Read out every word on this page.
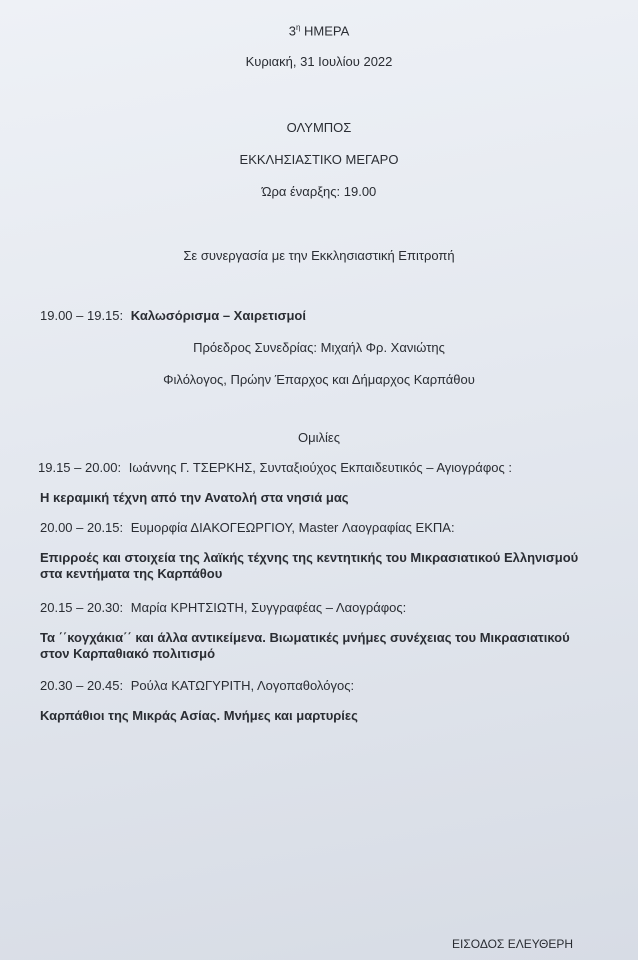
$3^\eta$ ΗΜΕΡΑ
Κυριακή, 31 Ιουλίου 2022
ΟΛΥΜΠΟΣ
ΕΚΚΛΗΣΙΑΣΤΙΚΟ ΜΕΓΑΡΟ
Ώρα έναρξης: 19.00
Σε συνεργασία με την Εκκλησιαστική Επιτροπή
19.00 – 19.15: Καλωσόρισμα – Χαιρετισμοί
Πρόεδρος Συνεδρίας: Μιχαήλ Φρ. Χανιώτης
Φιλόλογος, Πρώην Έπαρχος και Δήμαρχος Καρπάθου
Ομιλίες
19.15 – 20.00: Ιωάννης Γ. ΤΣΕΡΚΗΣ, Συνταξιούχος Εκπαιδευτικός – Αγιογράφος :
Η κεραμική τέχνη από την Ανατολή στα νησιά μας
20.00 – 20.15: Ευμορφία ΔΙΑΚΟΓΕΩΡΓΙΟΥ, Master Λαογραφίας ΕΚΠΑ:
Επιρροές και στοιχεία της λαϊκής τέχνης της κεντητικής του Μικρασιατικού Ελληνισμού στα κεντήματα της Καρπάθου
20.15 – 20.30: Μαρία ΚΡΗΤΣΙΩΤΗ, Συγγραφέας – Λαογράφος:
Τα ΄΄κογχάκια΄΄ και άλλα αντικείμενα. Βιωματικές μνήμες συνέχειας του Μικρασιατικού στον Καρπαθιακό πολιτισμό
20.30 – 20.45: Ρούλα ΚΑΤΩΓΥΡΙΤΗ, Λογοπαθολόγος:
Καρπάθιοι της Μικράς Ασίας. Μνήμες και μαρτυρίες
ΕΙΣΟΔΟΣ ΕΛΕΥΘΕΡΗ
